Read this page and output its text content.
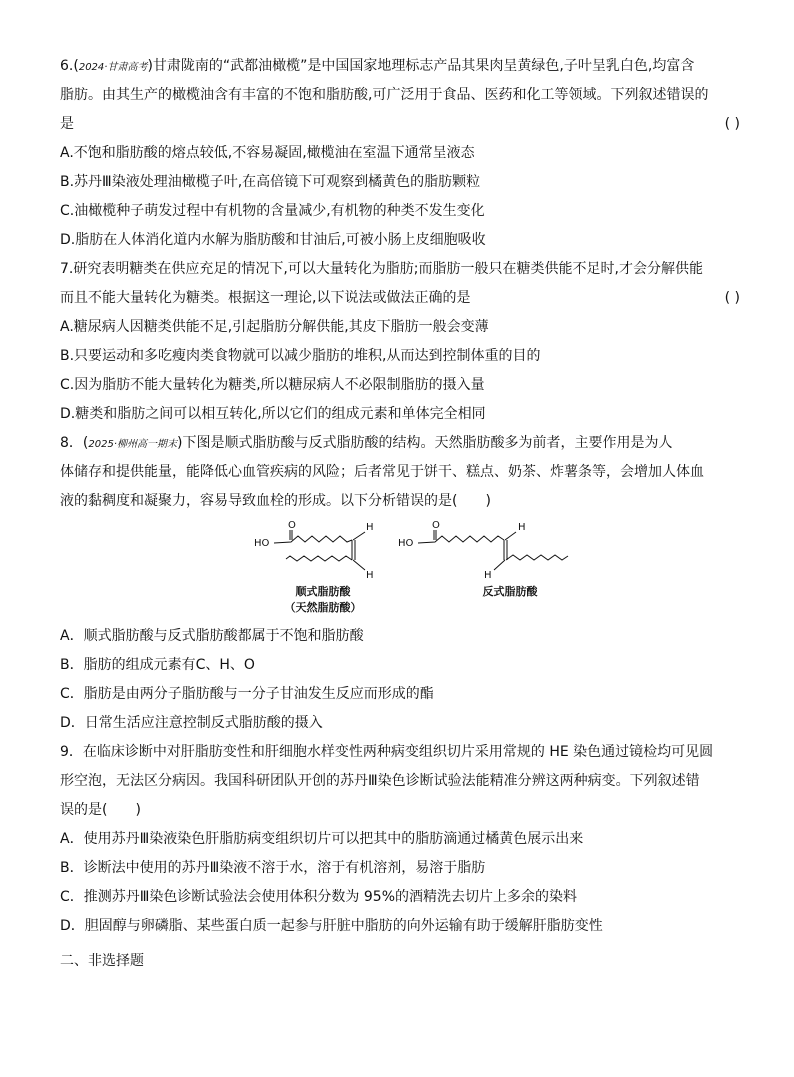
6.(2024·甘肃高考)甘肃陇南的“武都油橄榄”是中国国家地理标志产品其果肉呈黄绿色,子叶呈乳白色,均富含
脂肪。由其生产的橄榄油含有丰富的不饱和脂肪酸,可广泛用于食品、医药和化工等领域。下列叙述错误的
是	( )
A.不饱和脂肪酸的熔点较低,不容易凝固,橄榄油在室温下通常呈液态
B.苏丹Ⅲ染液处理油橄榄子叶,在高倍镜下可观察到橘黄色的脂肪颗粒
C.油橄榄种子萌发过程中有机物的含量减少,有机物的种类不发生变化
D.脂肪在人体消化道内水解为脂肪酸和甘油后,可被小肠上皮细胞吸收
7.研究表明糖类在供应充足的情况下,可以大量转化为脂肪;而脂肪一般只在糖类供能不足时,才会分解供能
而且不能大量转化为糖类。根据这一理论,以下说法或做法正确的是	( )
A.糖尿病人因糖类供能不足,引起脂肪分解供能,其皮下脂肪一般会变薄
B.只要运动和多吃瘦肉类食物就可以减少脂肪的堆积,从而达到控制体重的目的
C.因为脂肪不能大量转化为糖类,所以糖尿病人不必限制脂肪的摄入量
D.糖类和脂肪之间可以相互转化,所以它们的组成元素和单体完全相同
8．(2025·柳州高一期末)下图是顺式脂肪酸与反式脂肪酸的结构。天然脂肪酸多为前者，主要作用是为人
体储存和提供能量，能降低心血管疾病的风险；后者常见于饼干、糕点、奶茶、炸薯条等，会增加人体血
液的黏稠度和凝聚力，容易导致血栓的形成。以下分析错误的是(　　)
O
HO
H
H
O
HO
H
H
顺式脂肪酸
（天然脂肪酸）
反式脂肪酸
A．顺式脂肪酸与反式脂肪酸都属于不饱和脂肪酸
B．脂肪的组成元素有C、H、O
C．脂肪是由两分子脂肪酸与一分子甘油发生反应而形成的酯
D．日常生活应注意控制反式脂肪酸的摄入
9．在临床诊断中对肝脂肪变性和肝细胞水样变性两种病变组织切片采用常规的 HE 染色通过镜检均可见圆
形空泡，无法区分病因。我国科研团队开创的苏丹Ⅲ染色诊断试验法能精准分辨这两种病变。下列叙述错
误的是(　　)
A．使用苏丹Ⅲ染液染色肝脂肪病变组织切片可以把其中的脂肪滴通过橘黄色展示出来
B．诊断法中使用的苏丹Ⅲ染液不溶于水，溶于有机溶剂，易溶于脂肪
C．推测苏丹Ⅲ染色诊断试验法会使用体积分数为 95%的酒精洗去切片上多余的染料
D．胆固醇与卵磷脂、某些蛋白质一起参与肝脏中脂肪的向外运输有助于缓解肝脂肪变性
二、非选择题
